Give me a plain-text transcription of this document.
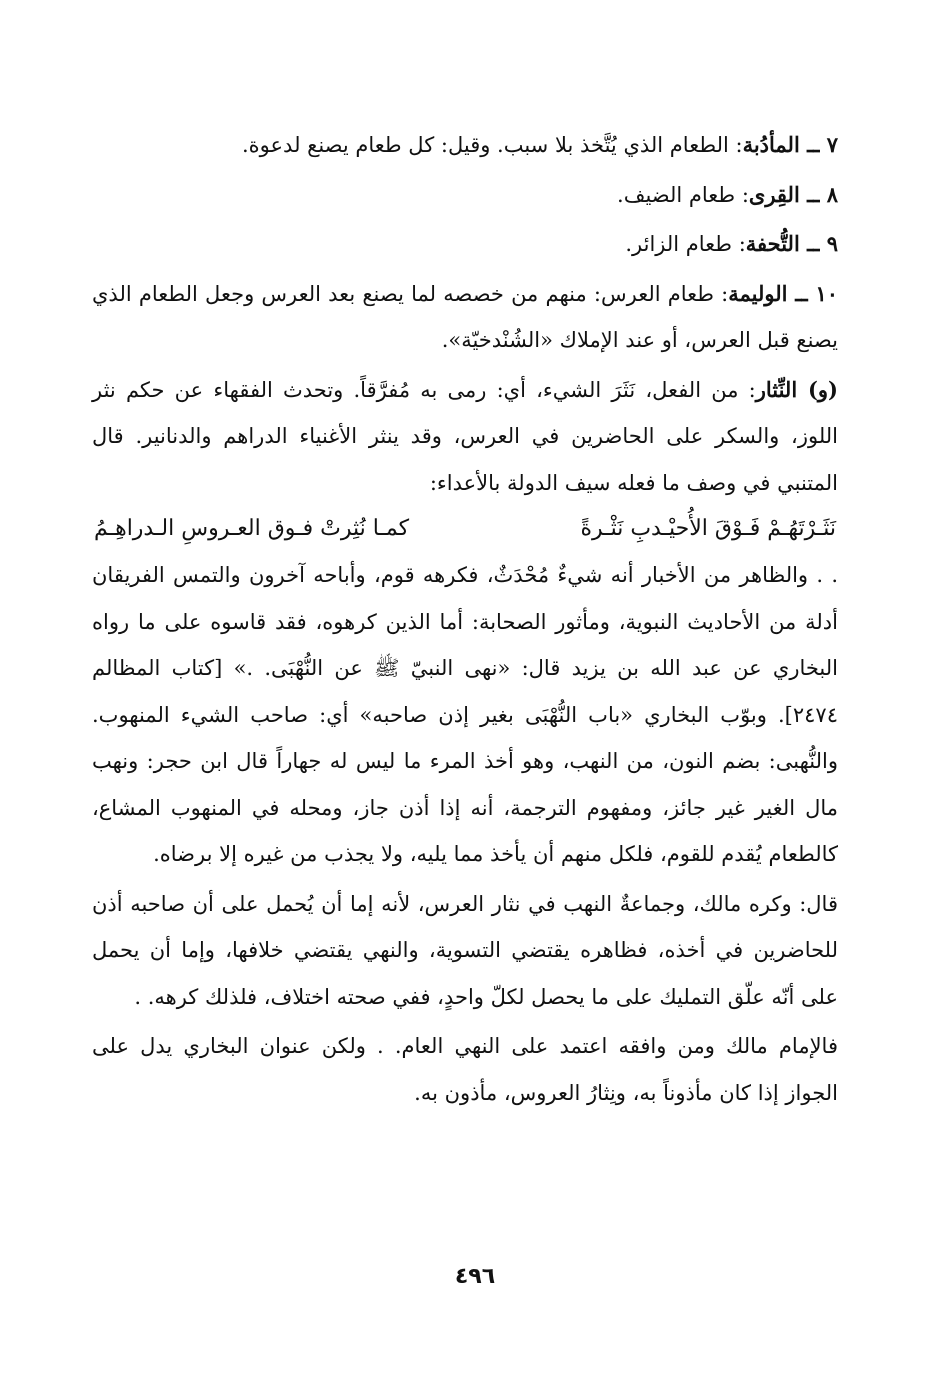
٧ ــ المأدُبة: الطعام الذي يُتَّخذ بلا سبب. وقيل: كل طعام يصنع لدعوة.

٨ ــ القِرى: طعام الضيف.

٩ ــ التُّحفة: طعام الزائر.

١٠ ــ الوليمة: طعام العرس: منهم من خصصه لما يصنع بعد العرس وجعل الطعام الذي يصنع قبل العرس، أو عند الإملاك «الشُنْدخيّة».

(و) النِّثار: من الفعل، نَثَرَ الشيء، أي: رمى به مُفرَّقاً. وتحدث الفقهاء عن حكم نثر اللوز، والسكر على الحاضرين في العرس، وقد ينثر الأغنياء الدراهم والدنانير. قال المتنبي في وصف ما فعله سيف الدولة بالأعداء:

نَثَـرْتَهُـمْ فَـوْقَ الأُحيْـدبِ نَثْـرةً
كمـا نُثِرتْ فـوق العـروسِ الـدراهِـمُ

. . والظاهر من الأخبار أنه شيءٌ مُحْدَثٌ، فكرهه قوم، وأباحه آخرون والتمس الفريقان أدلة من الأحاديث النبوية، ومأثور الصحابة: أما الذين كرهوه، فقد قاسوه على ما رواه البخاري عن عبد الله بن يزيد قال: «نهى النبيّ ﷺ عن النُّهْبَى. .» [كتاب المظالم ٢٤٧٤]. وبوّب البخاري «باب النُّهْبَى بغير إذن صاحبه» أي: صاحب الشيء المنهوب. والنُّهبى: بضم النون، من النهب، وهو أخذ المرء ما ليس له جهاراً قال ابن حجر: ونهب مال الغير غير جائز، ومفهوم الترجمة، أنه إذا أذن جاز، ومحله في المنهوب المشاع، كالطعام يُقدم للقوم، فلكل منهم أن يأخذ مما يليه، ولا يجذب من غيره إلا برضاه.

قال: وكره مالك، وجماعةٌ النهب في نثار العرس، لأنه إما أن يُحمل على أن صاحبه أذن للحاضرين في أخذه، فظاهره يقتضي التسوية، والنهي يقتضي خلافها، وإما أن يحمل على أنّه علّق التمليك على ما يحصل لكلّ واحدٍ، ففي صحته اختلاف، فلذلك كرهه. .

فالإمام مالك ومن وافقه اعتمد على النهي العام. . ولكن عنوان البخاري يدل على الجواز إذا كان مأذوناً به، ونِثارُ العروس، مأذون به.

٤٩٦
